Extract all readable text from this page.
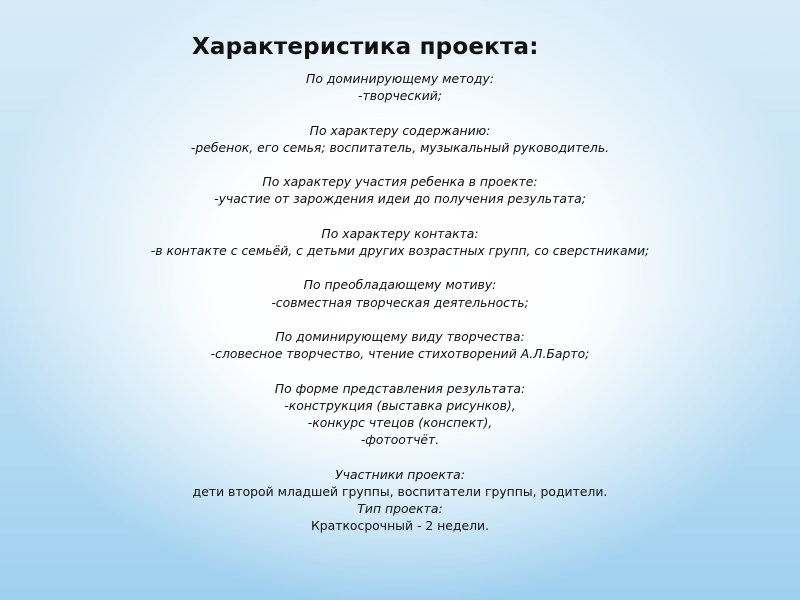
Характеристика проекта:
По доминирующему методу:
-творческий;
По характеру содержанию:
-ребенок, его семья; воспитатель, музыкальный руководитель.
По характеру участия ребенка в проекте:
-участие от зарождения идеи до получения результата;
По характеру контакта:
-в контакте с семьёй, с детьми других возрастных групп, со сверстниками;
По преобладающему мотиву:
-совместная творческая деятельность;
По доминирующему виду творчества:
-словесное творчество, чтение стихотворений А.Л.Барто;
По форме представления результата:
-конструкция (выставка рисунков),
-конкурс чтецов (конспект),
-фотоотчёт.
Участники проекта:
дети второй младшей группы, воспитатели группы, родители.
Тип проекта:
Краткосрочный - 2 недели.
